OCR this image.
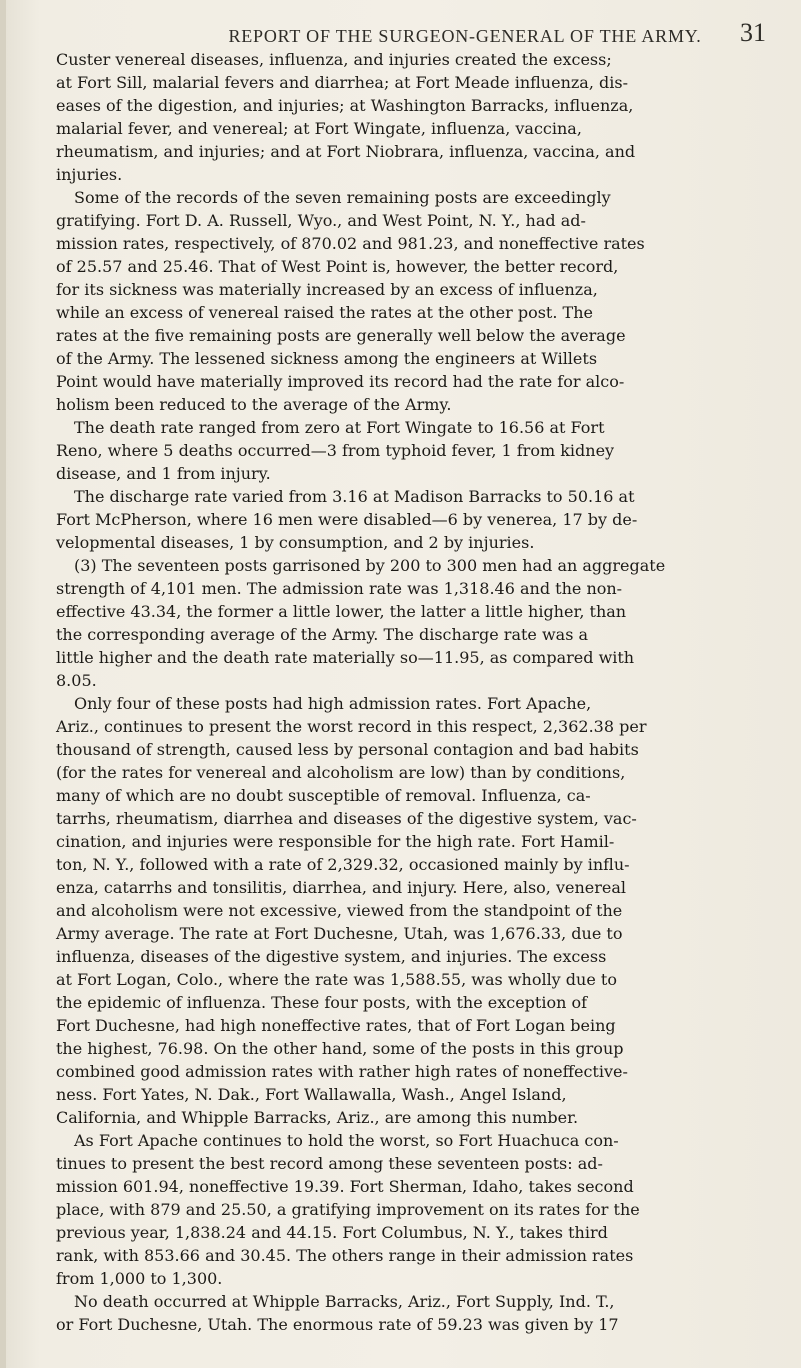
REPORT OF THE SURGEON-GENERAL OF THE ARMY.	31
Custer venereal diseases, influenza, and injuries created the excess;
at Fort Sill, malarial fevers and diarrhea; at Fort Meade influenza, dis-
eases of the digestion, and injuries; at Washington Barracks, influenza,
malarial fever, and venereal; at Fort Wingate, influenza, vaccina,
rheumatism, and injuries; and at Fort Niobrara, influenza, vaccina, and
injuries.
Some of the records of the seven remaining posts are exceedingly
gratifying. Fort D. A. Russell, Wyo., and West Point, N. Y., had ad-
mission rates, respectively, of 870.02 and 981.23, and noneffective rates
of 25.57 and 25.46. That of West Point is, however, the better record,
for its sickness was materially increased by an excess of influenza,
while an excess of venereal raised the rates at the other post. The
rates at the five remaining posts are generally well below the average
of the Army. The lessened sickness among the engineers at Willets
Point would have materially improved its record had the rate for alco-
holism been reduced to the average of the Army.
The death rate ranged from zero at Fort Wingate to 16.56 at Fort
Reno, where 5 deaths occurred—3 from typhoid fever, 1 from kidney
disease, and 1 from injury.
The discharge rate varied from 3.16 at Madison Barracks to 50.16 at
Fort McPherson, where 16 men were disabled—6 by venerea, 17 by de-
velopmental diseases, 1 by consumption, and 2 by injuries.
(3) The seventeen posts garrisoned by 200 to 300 men had an aggregate
strength of 4,101 men. The admission rate was 1,318.46 and the non-
effective 43.34, the former a little lower, the latter a little higher, than
the corresponding average of the Army. The discharge rate was a
little higher and the death rate materially so—11.95, as compared with
8.05.
Only four of these posts had high admission rates. Fort Apache,
Ariz., continues to present the worst record in this respect, 2,362.38 per
thousand of strength, caused less by personal contagion and bad habits
(for the rates for venereal and alcoholism are low) than by conditions,
many of which are no doubt susceptible of removal. Influenza, ca-
tarrhs, rheumatism, diarrhea and diseases of the digestive system, vac-
cination, and injuries were responsible for the high rate. Fort Hamil-
ton, N. Y., followed with a rate of 2,329.32, occasioned mainly by influ-
enza, catarrhs and tonsilitis, diarrhea, and injury. Here, also, venereal
and alcoholism were not excessive, viewed from the standpoint of the
Army average. The rate at Fort Duchesne, Utah, was 1,676.33, due to
influenza, diseases of the digestive system, and injuries. The excess
at Fort Logan, Colo., where the rate was 1,588.55, was wholly due to
the epidemic of influenza. These four posts, with the exception of
Fort Duchesne, had high noneffective rates, that of Fort Logan being
the highest, 76.98. On the other hand, some of the posts in this group
combined good admission rates with rather high rates of noneffective-
ness. Fort Yates, N. Dak., Fort Wallawalla, Wash., Angel Island,
California, and Whipple Barracks, Ariz., are among this number.
As Fort Apache continues to hold the worst, so Fort Huachuca con-
tinues to present the best record among these seventeen posts: ad-
mission 601.94, noneffective 19.39. Fort Sherman, Idaho, takes second
place, with 879 and 25.50, a gratifying improvement on its rates for the
previous year, 1,838.24 and 44.15. Fort Columbus, N. Y., takes third
rank, with 853.66 and 30.45. The others range in their admission rates
from 1,000 to 1,300.
No death occurred at Whipple Barracks, Ariz., Fort Supply, Ind. T.,
or Fort Duchesne, Utah. The enormous rate of 59.23 was given by 17
